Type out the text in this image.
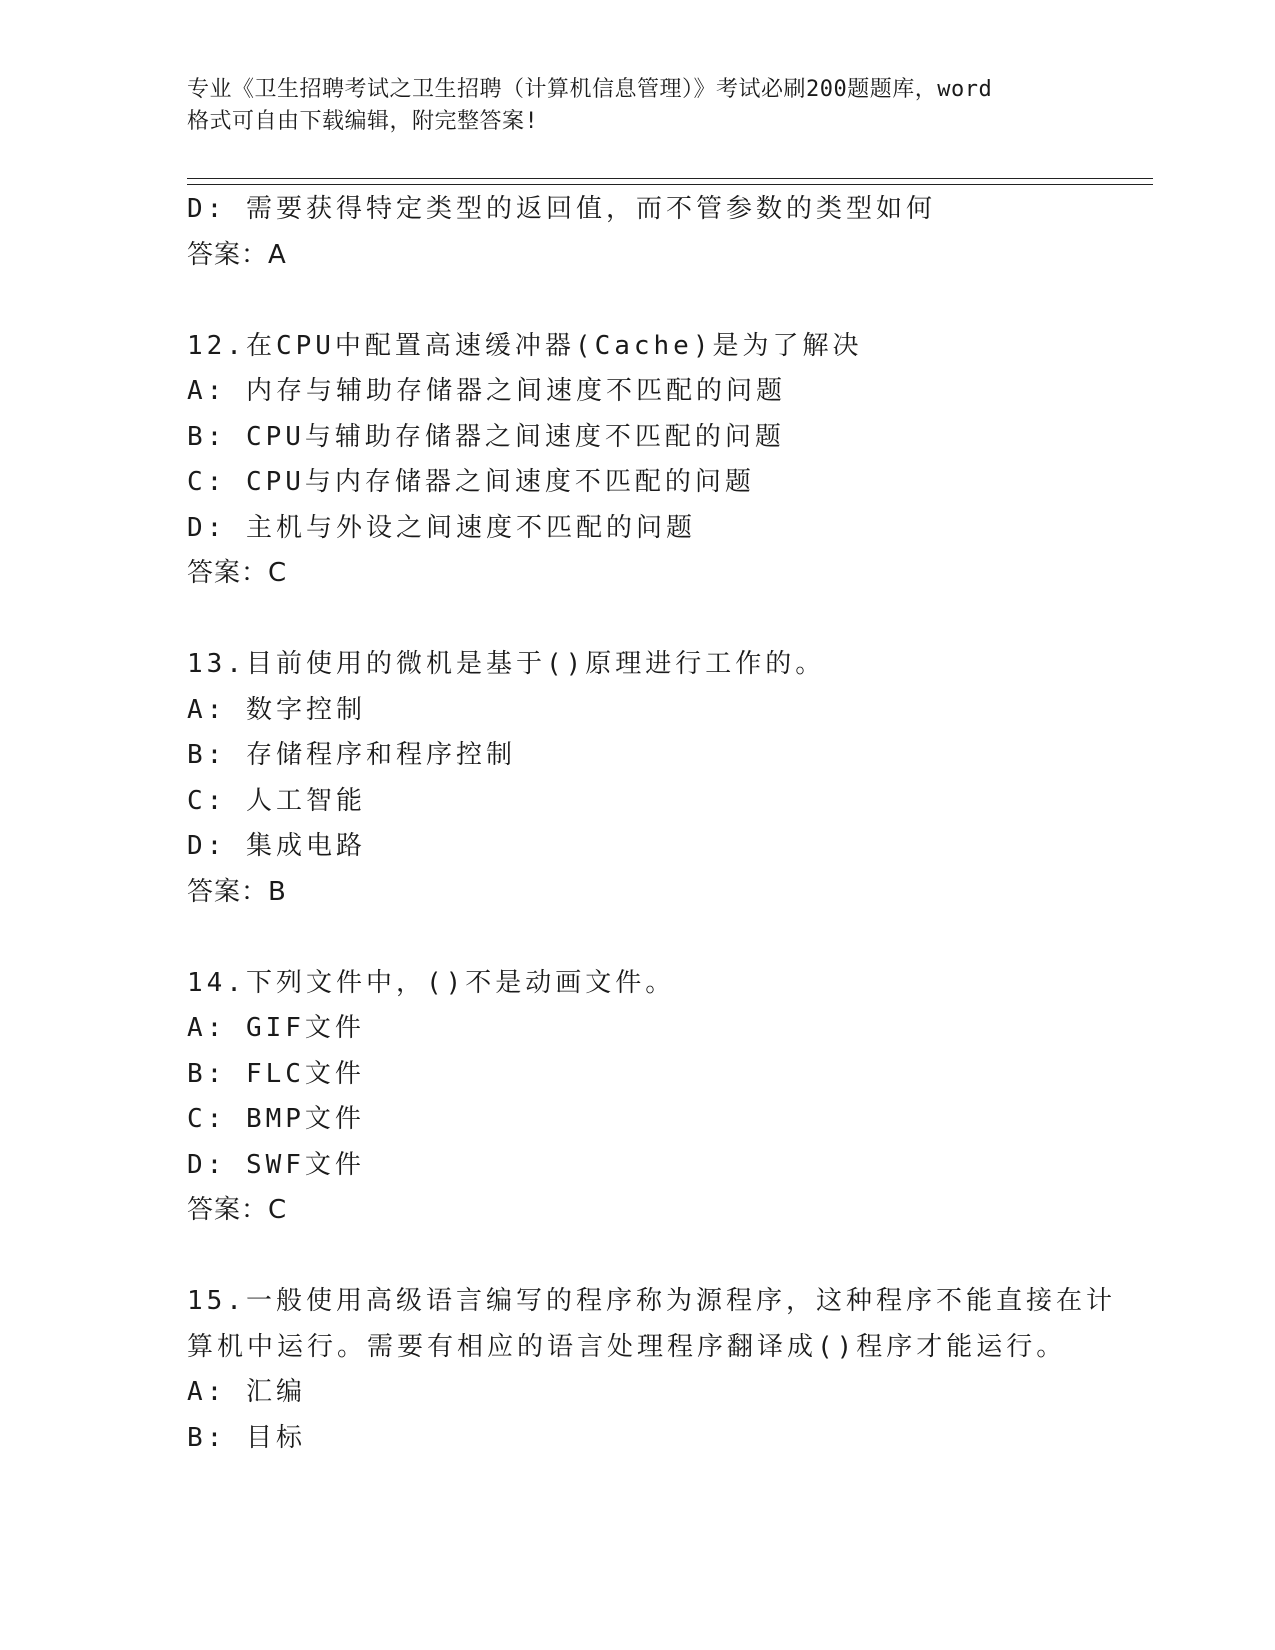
专业《卫生招聘考试之卫生招聘（计算机信息管理）》考试必刷200题题库，word
格式可自由下载编辑，附完整答案!
D: 需要获得特定类型的返回值，而不管参数的类型如何
答案：A
12.在CPU中配置高速缓冲器(Cache)是为了解决
A: 内存与辅助存储器之间速度不匹配的问题
B: CPU与辅助存储器之间速度不匹配的问题
C: CPU与内存储器之间速度不匹配的问题
D: 主机与外设之间速度不匹配的问题
答案：C
13.目前使用的微机是基于()原理进行工作的。
A: 数字控制
B: 存储程序和程序控制
C: 人工智能
D: 集成电路
答案：B
14.下列文件中，()不是动画文件。
A: GIF文件
B: FLC文件
C: BMP文件
D: SWF文件
答案：C
15.一般使用高级语言编写的程序称为源程序，这种程序不能直接在计
算机中运行。需要有相应的语言处理程序翻译成()程序才能运行。
A: 汇编
B: 目标
